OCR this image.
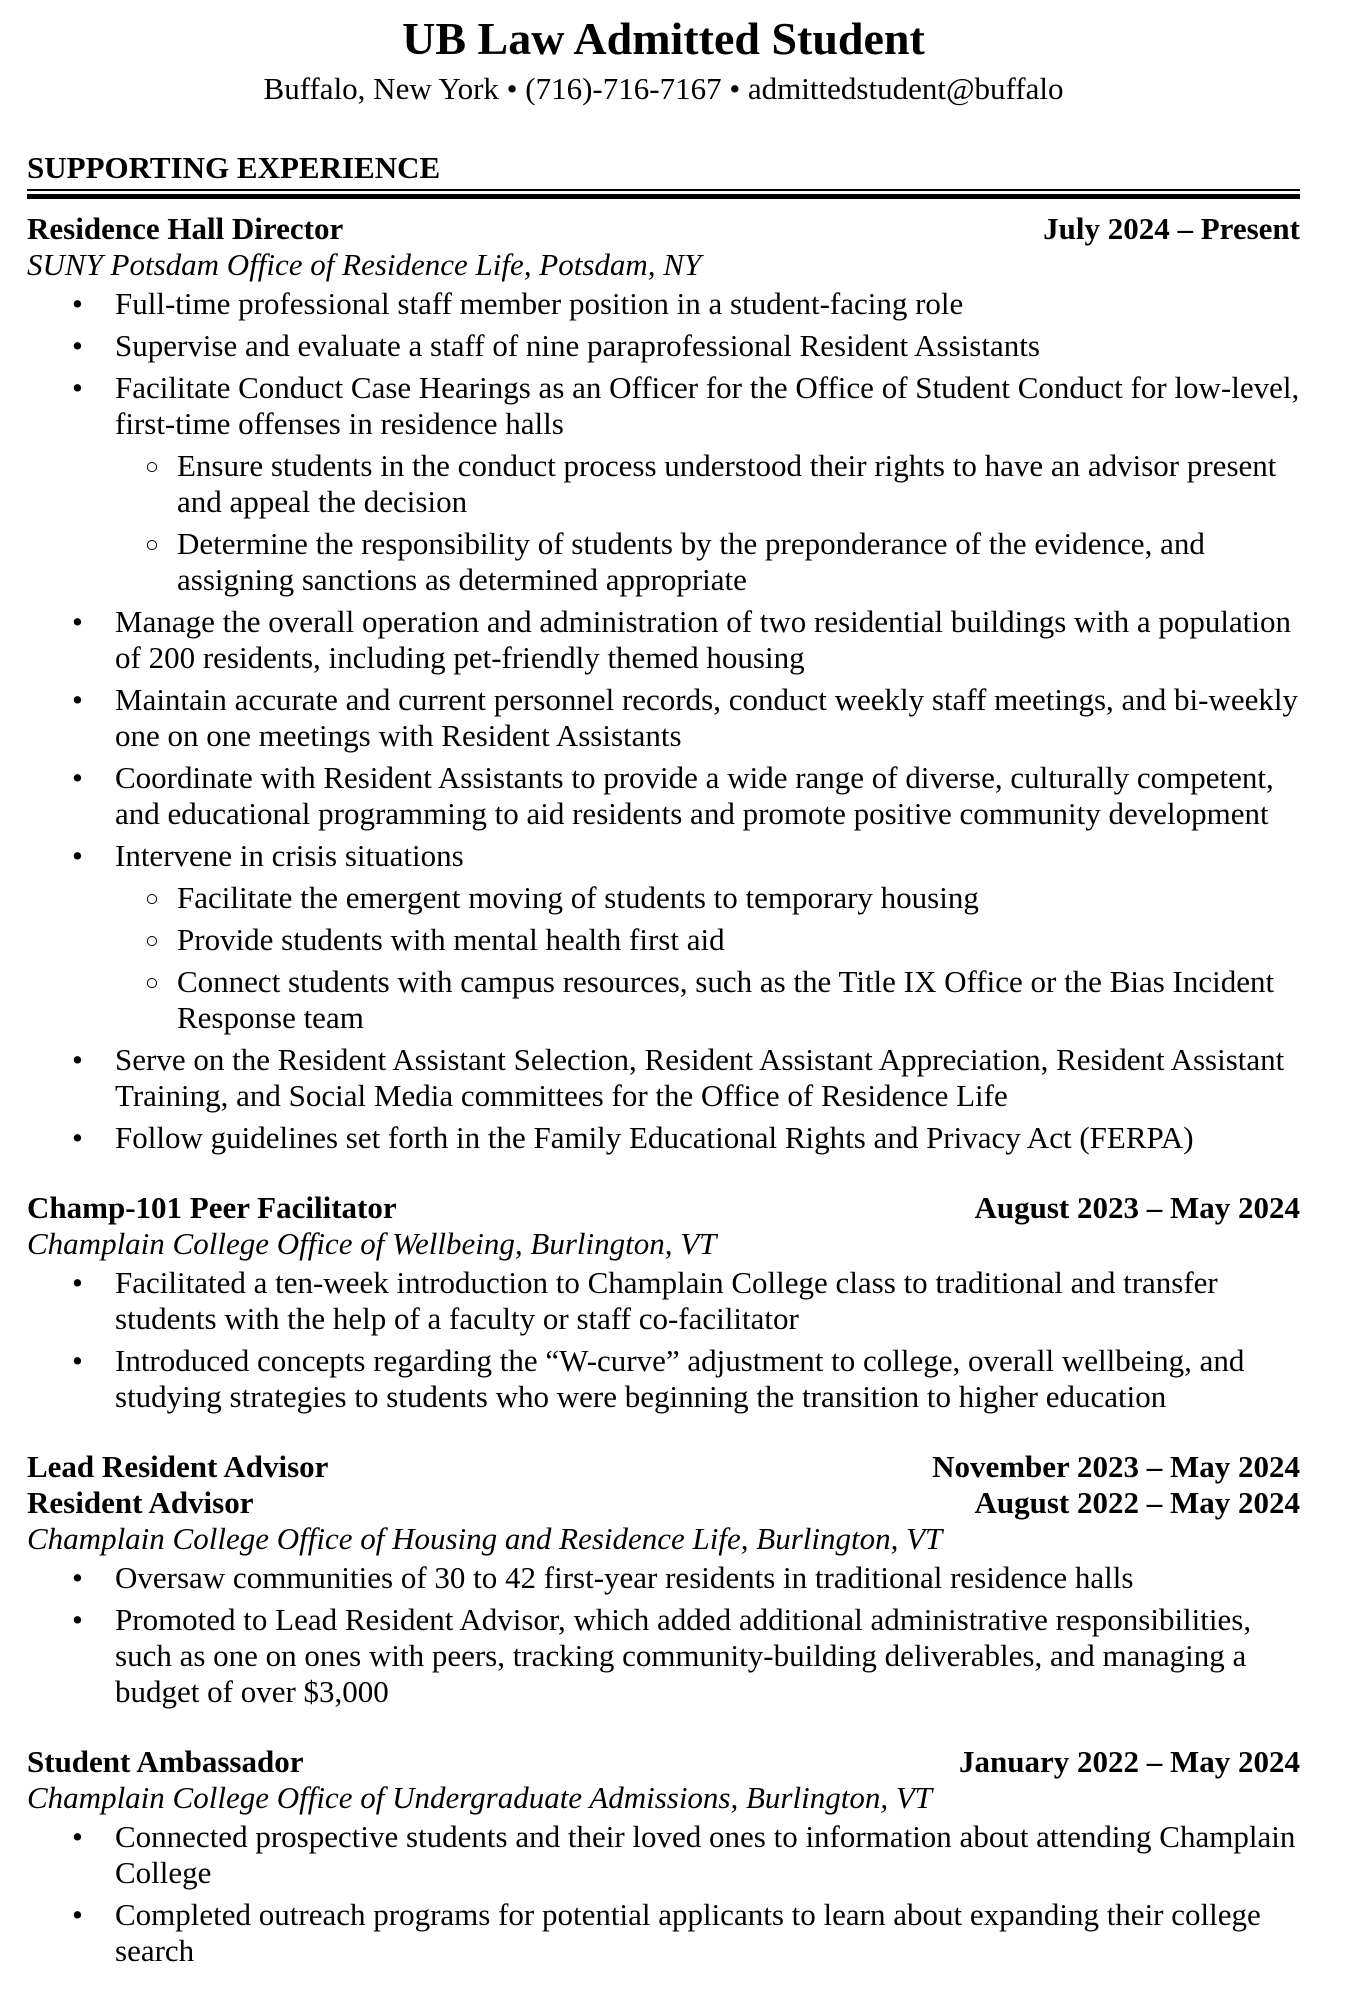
UB Law Admitted Student
Buffalo, New York • (716)-716-7167 • admittedstudent@buffalo
SUPPORTING EXPERIENCE
Residence Hall Director	July 2024 – Present
SUNY Potsdam Office of Residence Life, Potsdam, NY
• Full-time professional staff member position in a student-facing role
• Supervise and evaluate a staff of nine paraprofessional Resident Assistants
• Facilitate Conduct Case Hearings as an Officer for the Office of Student Conduct for low-level, first-time offenses in residence halls
○ Ensure students in the conduct process understood their rights to have an advisor present and appeal the decision
○ Determine the responsibility of students by the preponderance of the evidence, and assigning sanctions as determined appropriate
• Manage the overall operation and administration of two residential buildings with a population of 200 residents, including pet-friendly themed housing
• Maintain accurate and current personnel records, conduct weekly staff meetings, and bi-weekly one on one meetings with Resident Assistants
• Coordinate with Resident Assistants to provide a wide range of diverse, culturally competent, and educational programming to aid residents and promote positive community development
• Intervene in crisis situations
○ Facilitate the emergent moving of students to temporary housing
○ Provide students with mental health first aid
○ Connect students with campus resources, such as the Title IX Office or the Bias Incident Response team
• Serve on the Resident Assistant Selection, Resident Assistant Appreciation, Resident Assistant Training, and Social Media committees for the Office of Residence Life
• Follow guidelines set forth in the Family Educational Rights and Privacy Act (FERPA)
Champ-101 Peer Facilitator	August 2023 – May 2024
Champlain College Office of Wellbeing, Burlington, VT
• Facilitated a ten-week introduction to Champlain College class to traditional and transfer students with the help of a faculty or staff co-facilitator
• Introduced concepts regarding the “W-curve” adjustment to college, overall wellbeing, and studying strategies to students who were beginning the transition to higher education
Lead Resident Advisor	November 2023 – May 2024
Resident Advisor	August 2022 – May 2024
Champlain College Office of Housing and Residence Life, Burlington, VT
• Oversaw communities of 30 to 42 first-year residents in traditional residence halls
• Promoted to Lead Resident Advisor, which added additional administrative responsibilities, such as one on ones with peers, tracking community-building deliverables, and managing a budget of over $3,000
Student Ambassador	January 2022 – May 2024
Champlain College Office of Undergraduate Admissions, Burlington, VT
• Connected prospective students and their loved ones to information about attending Champlain College
• Completed outreach programs for potential applicants to learn about expanding their college search
